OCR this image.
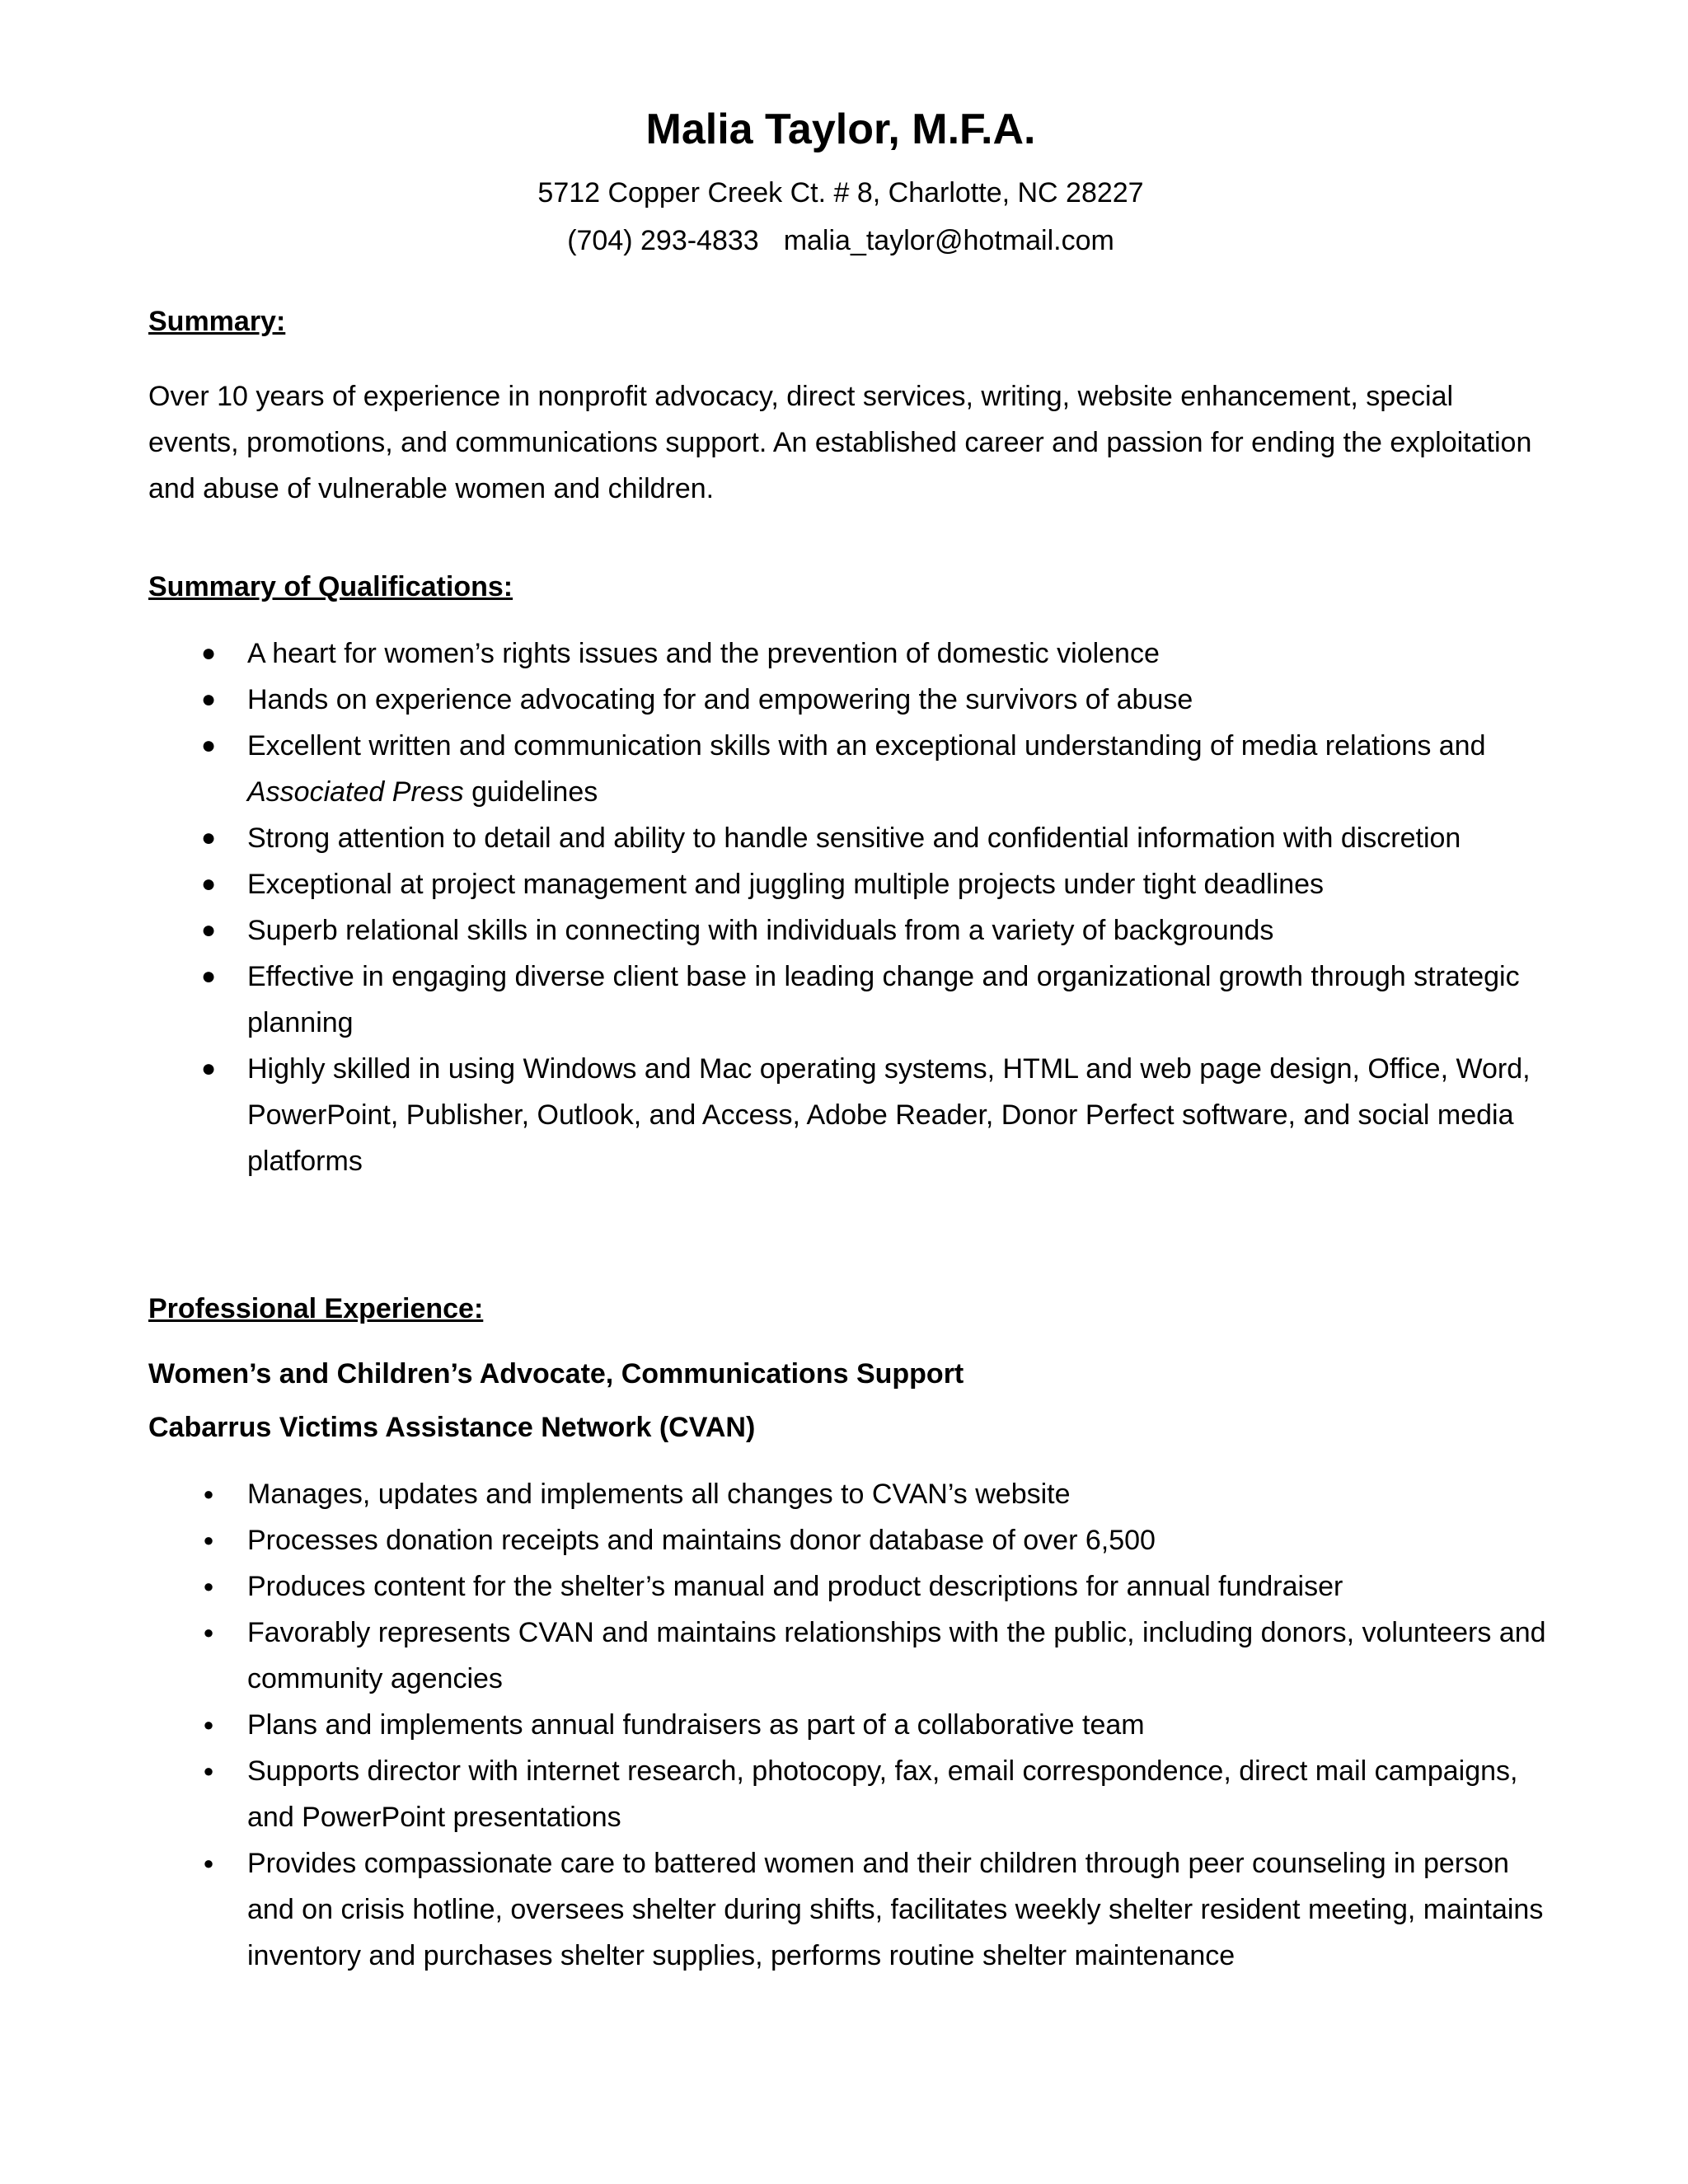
Malia Taylor, M.F.A.

5712 Copper Creek Ct. # 8, Charlotte, NC 28227

(704) 293-4833 malia_taylor@hotmail.com

Summary:

Over 10 years of experience in nonprofit advocacy, direct services, writing, website enhancement, special events, promotions, and communications support. An established career and passion for ending the exploitation and abuse of vulnerable women and children.

Summary of Qualifications:
● A heart for women’s rights issues and the prevention of domestic violence
● Hands on experience advocating for and empowering the survivors of abuse
● Excellent written and communication skills with an exceptional understanding of media relations and Associated Press guidelines
● Strong attention to detail and ability to handle sensitive and confidential information with discretion
● Exceptional at project management and juggling multiple projects under tight deadlines
● Superb relational skills in connecting with individuals from a variety of backgrounds
● Effective in engaging diverse client base in leading change and organizational growth through strategic planning
● Highly skilled in using Windows and Mac operating systems, HTML and web page design, Office, Word, PowerPoint, Publisher, Outlook, and Access, Adobe Reader, Donor Perfect software, and social media platforms
Professional Experience:

Women’s and Children’s Advocate, Communications Support

Cabarrus Victims Assistance Network (CVAN)

● Manages, updates and implements all changes to CVAN’s website
● Processes donation receipts and maintains donor database of over 6,500
● Produces content for the shelter’s manual and product descriptions for annual fundraiser
● Favorably represents CVAN and maintains relationships with the public, including donors, volunteers and community agencies
● Plans and implements annual fundraisers as part of a collaborative team
● Supports director with internet research, photocopy, fax, email correspondence, direct mail campaigns, and PowerPoint presentations
● Provides compassionate care to battered women and their children through peer counseling in person and on crisis hotline, oversees shelter during shifts, facilitates weekly shelter resident meeting, maintains inventory and purchases shelter supplies, performs routine shelter maintenance
